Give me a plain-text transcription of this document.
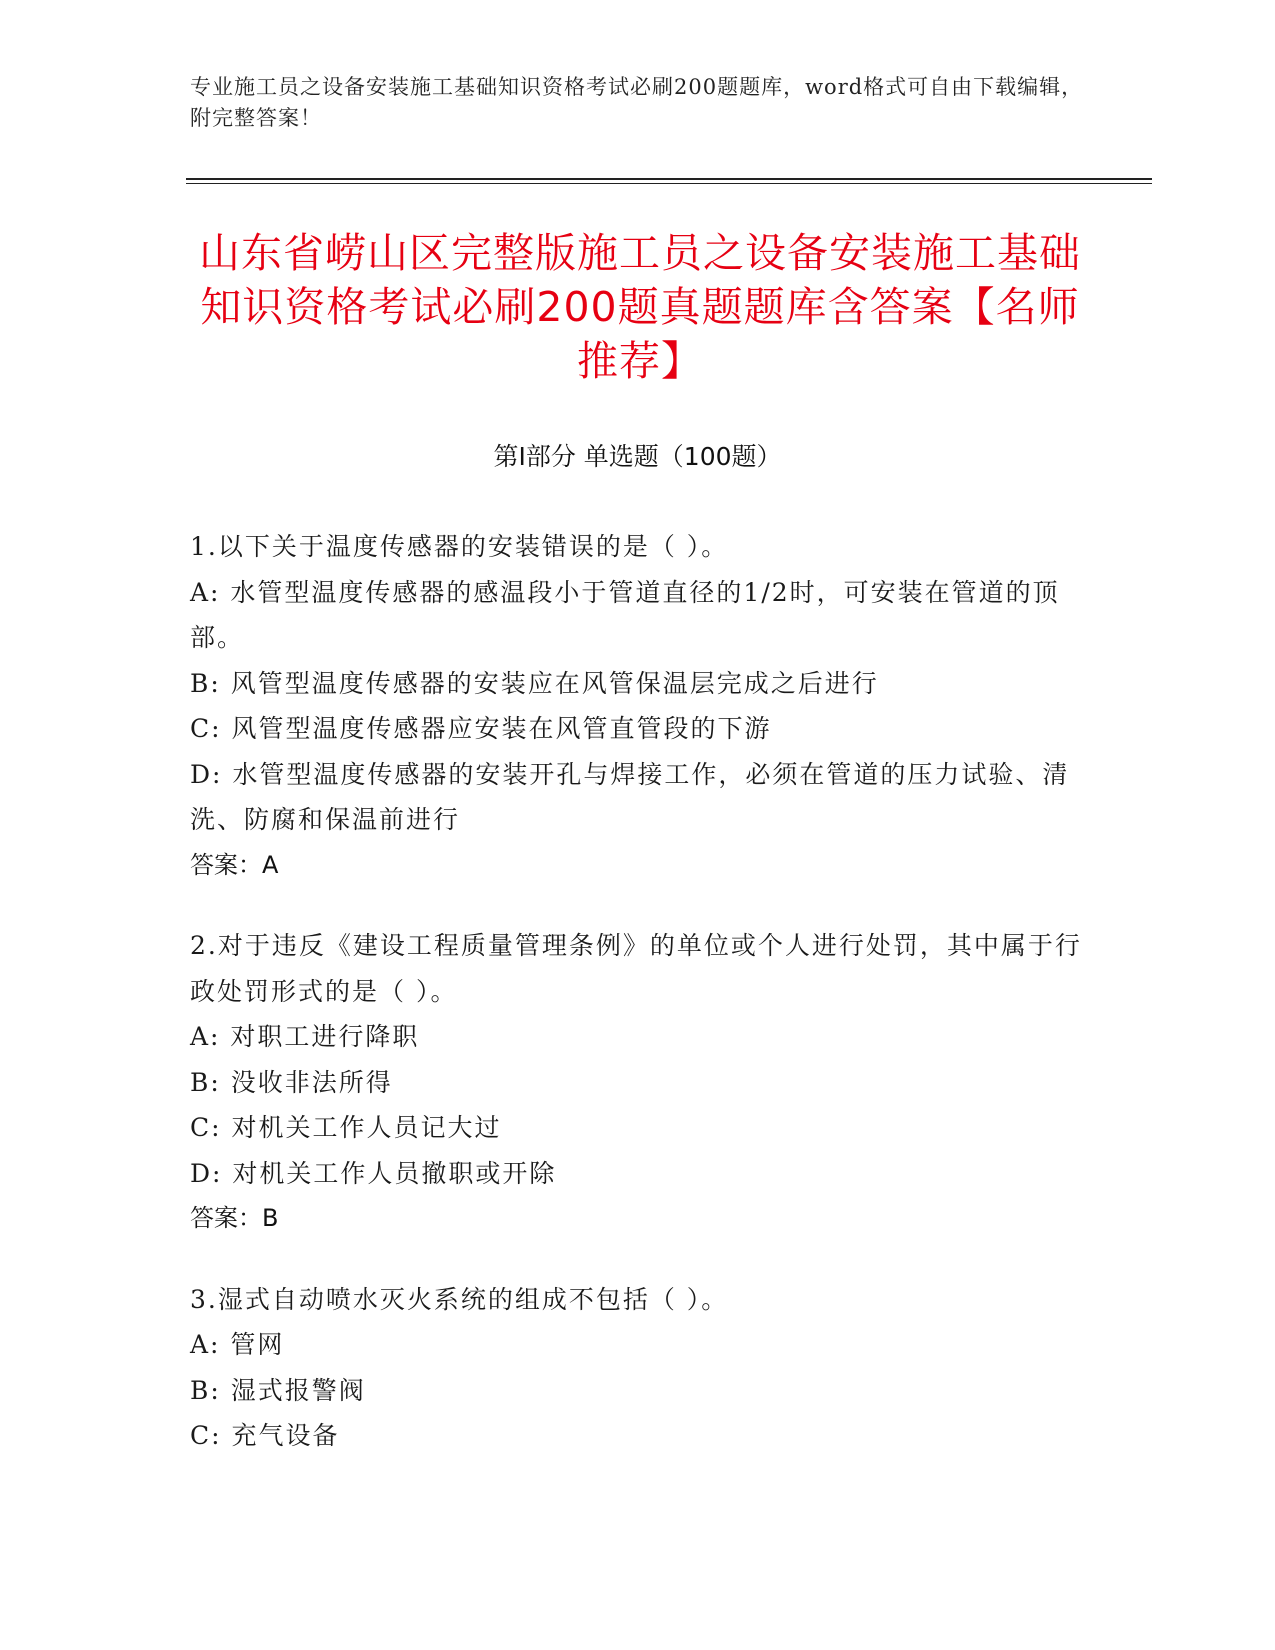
专业施工员之设备安装施工基础知识资格考试必刷200题题库，word格式可自由下载编辑，附完整答案！
山东省崂山区完整版施工员之设备安装施工基础知识资格考试必刷200题真题题库含答案【名师推荐】
第Ⅰ部分 单选题（100题）
1.以下关于温度传感器的安装错误的是（ ）。
A: 水管型温度传感器的感温段小于管道直径的1/2时，可安装在管道的顶部。
B: 风管型温度传感器的安装应在风管保温层完成之后进行
C: 风管型温度传感器应安装在风管直管段的下游
D: 水管型温度传感器的安装开孔与焊接工作，必须在管道的压力试验、清洗、防腐和保温前进行
答案：A
2.对于违反《建设工程质量管理条例》的单位或个人进行处罚，其中属于行政处罚形式的是（ ）。
A: 对职工进行降职
B: 没收非法所得
C: 对机关工作人员记大过
D: 对机关工作人员撤职或开除
答案：B
3.湿式自动喷水灭火系统的组成不包括（ ）。
A: 管网
B: 湿式报警阀
C: 充气设备
